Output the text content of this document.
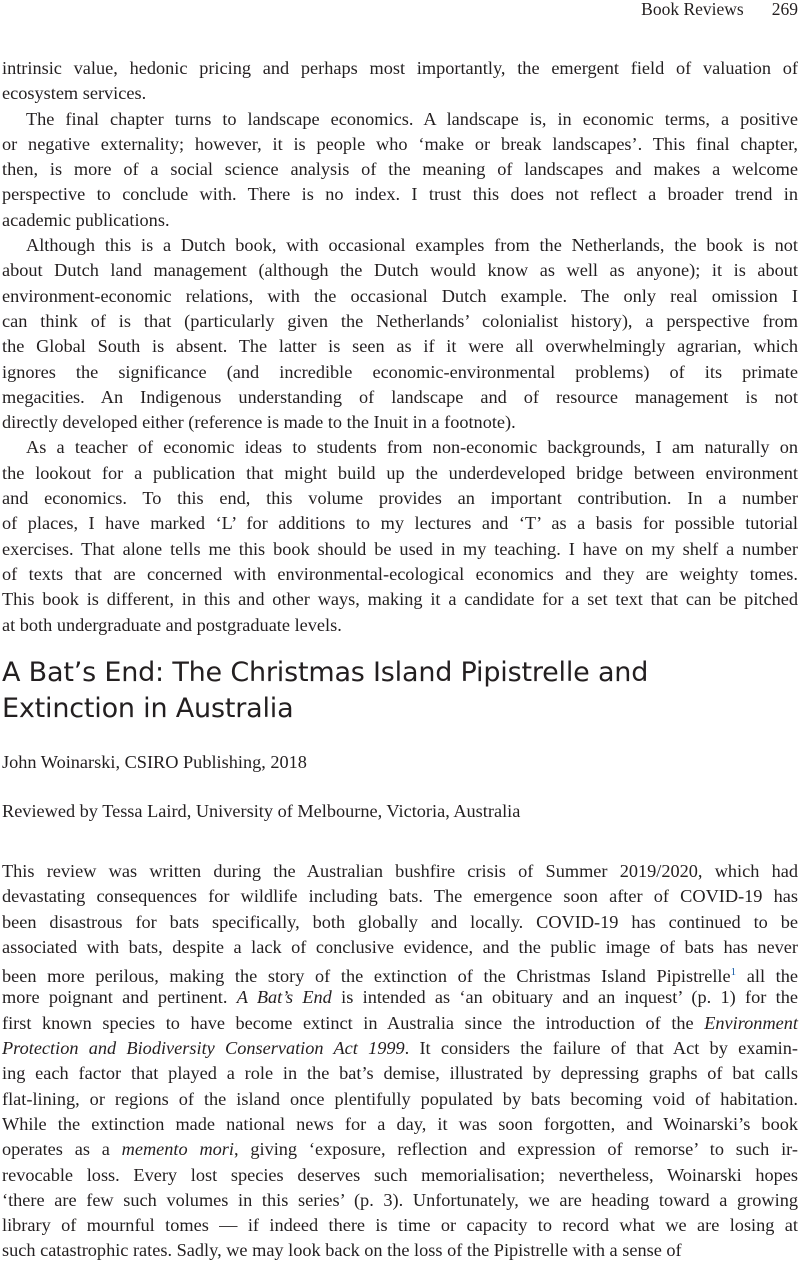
Book Reviews 269
intrinsic value, hedonic pricing and perhaps most importantly, the emergent field of valuation of
ecosystem services.
The final chapter turns to landscape economics. A landscape is, in economic terms, a positive
or negative externality; however, it is people who ‘make or break landscapes’. This final chapter,
then, is more of a social science analysis of the meaning of landscapes and makes a welcome
perspective to conclude with. There is no index. I trust this does not reflect a broader trend in
academic publications.
Although this is a Dutch book, with occasional examples from the Netherlands, the book is not
about Dutch land management (although the Dutch would know as well as anyone); it is about
environment-economic relations, with the occasional Dutch example. The only real omission I
can think of is that (particularly given the Netherlands’ colonialist history), a perspective from
the Global South is absent. The latter is seen as if it were all overwhelmingly agrarian, which
ignores the significance (and incredible economic-environmental problems) of its primate
megacities. An Indigenous understanding of landscape and of resource management is not
directly developed either (reference is made to the Inuit in a footnote).
As a teacher of economic ideas to students from non-economic backgrounds, I am naturally on
the lookout for a publication that might build up the underdeveloped bridge between environment
and economics. To this end, this volume provides an important contribution. In a number
of places, I have marked ‘L’ for additions to my lectures and ‘T’ as a basis for possible tutorial
exercises. That alone tells me this book should be used in my teaching. I have on my shelf a number
of texts that are concerned with environmental-ecological economics and they are weighty tomes.
This book is different, in this and other ways, making it a candidate for a set text that can be pitched
at both undergraduate and postgraduate levels.
A Bat’s End: The Christmas Island Pipistrelle and
Extinction in Australia
John Woinarski, CSIRO Publishing, 2018
Reviewed by Tessa Laird, University of Melbourne, Victoria, Australia
This review was written during the Australian bushfire crisis of Summer 2019/2020, which had
devastating consequences for wildlife including bats. The emergence soon after of COVID-19 has
been disastrous for bats specifically, both globally and locally. COVID-19 has continued to be
associated with bats, despite a lack of conclusive evidence, and the public image of bats has never
been more perilous, making the story of the extinction of the Christmas Island Pipistrelle$^1$ all the
more poignant and pertinent. A Bat’s End is intended as ‘an obituary and an inquest’ (p. 1) for the
first known species to have become extinct in Australia since the introduction of the Environment
Protection and Biodiversity Conservation Act 1999. It considers the failure of that Act by examin-
ing each factor that played a role in the bat’s demise, illustrated by depressing graphs of bat calls
flat-lining, or regions of the island once plentifully populated by bats becoming void of habitation.
While the extinction made national news for a day, it was soon forgotten, and Woinarski’s book
operates as a memento mori, giving ‘exposure, reflection and expression of remorse’ to such ir-
revocable loss. Every lost species deserves such memorialisation; nevertheless, Woinarski hopes
‘there are few such volumes in this series’ (p. 3). Unfortunately, we are heading toward a growing
library of mournful tomes — if indeed there is time or capacity to record what we are losing at
such catastrophic rates. Sadly, we may look back on the loss of the Pipistrelle with a sense of
